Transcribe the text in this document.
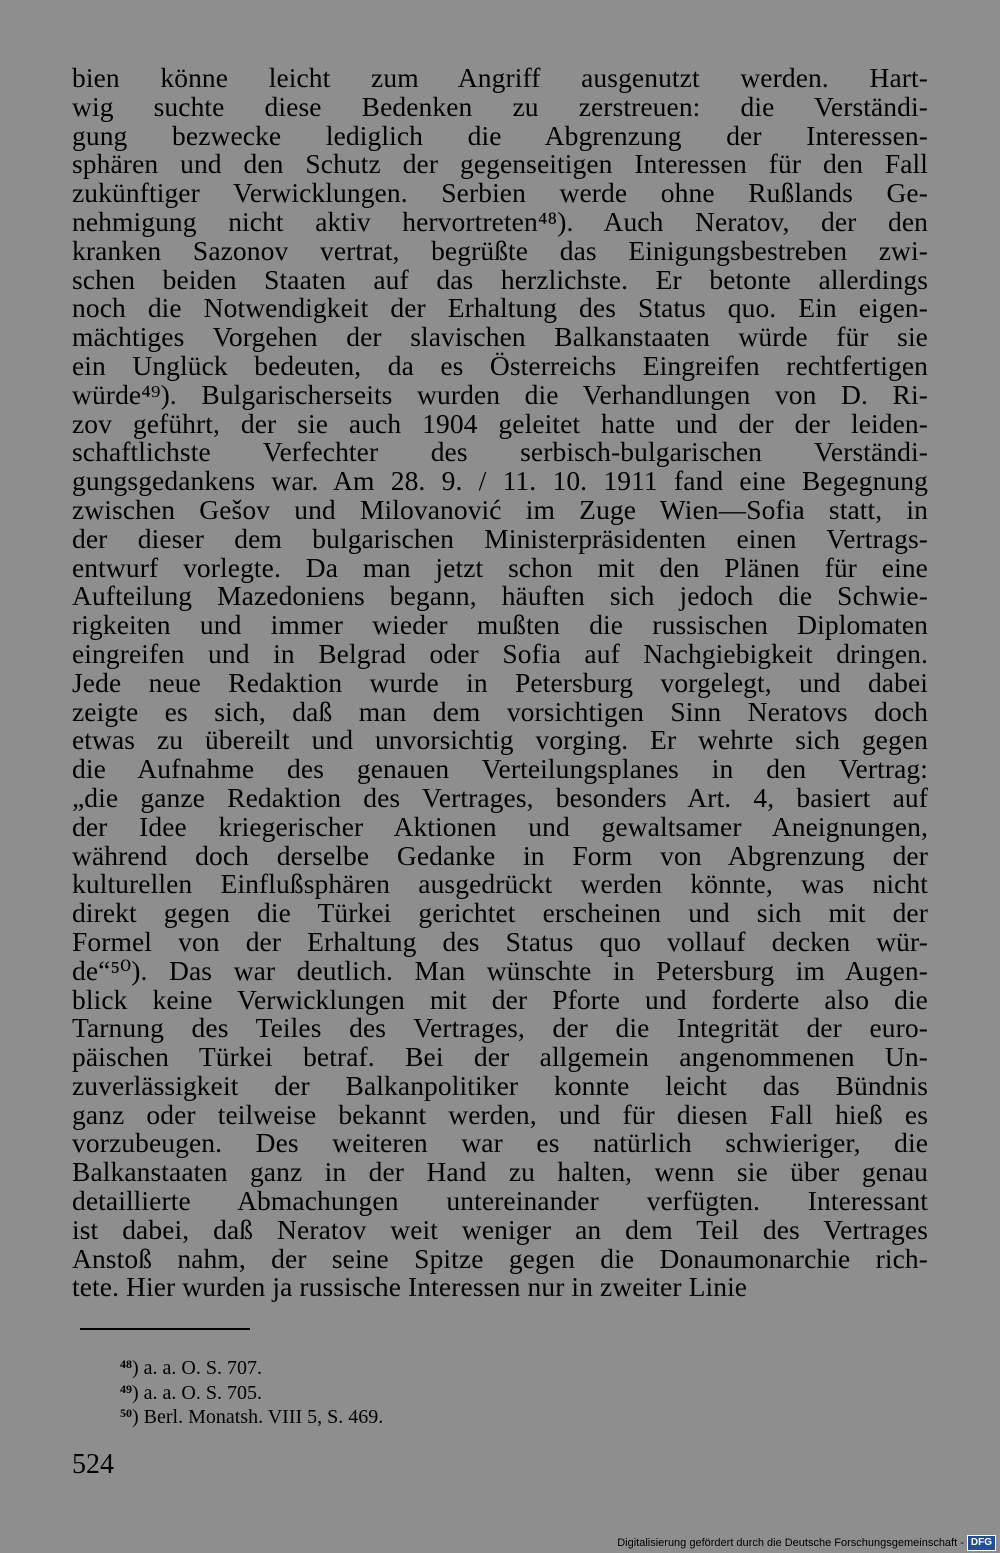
bien könne leicht zum Angriff ausgenutzt werden. Hart-
wig suchte diese Bedenken zu zerstreuen: die Verständi-
gung bezwecke lediglich die Abgrenzung der Interessen-
sphären und den Schutz der gegenseitigen Interessen für den Fall
zukünftiger Verwicklungen. Serbien werde ohne Rußlands Ge-
nehmigung nicht aktiv hervortreten⁴⁸). Auch Neratov, der den
kranken Sazonov vertrat, begrüßte das Einigungsbestreben zwi-
schen beiden Staaten auf das herzlichste. Er betonte allerdings
noch die Notwendigkeit der Erhaltung des Status quo. Ein eigen-
mächtiges Vorgehen der slavischen Balkanstaaten würde für sie
ein Unglück bedeuten, da es Österreichs Eingreifen rechtfertigen
würde⁴⁹). Bulgarischerseits wurden die Verhandlungen von D. Ri-
zov geführt, der sie auch 1904 geleitet hatte und der der leiden-
schaftlichste Verfechter des serbisch-bulgarischen Verständi-
gungsgedankens war. Am 28. 9. / 11. 10. 1911 fand eine Begegnung
zwischen Gešov und Milovanović im Zuge Wien—Sofia statt, in
der dieser dem bulgarischen Ministerpräsidenten einen Vertrags-
entwurf vorlegte. Da man jetzt schon mit den Plänen für eine
Aufteilung Mazedoniens begann, häuften sich jedoch die Schwie-
rigkeiten und immer wieder mußten die russischen Diplomaten
eingreifen und in Belgrad oder Sofia auf Nachgiebigkeit dringen.
Jede neue Redaktion wurde in Petersburg vorgelegt, und dabei
zeigte es sich, daß man dem vorsichtigen Sinn Neratovs doch
etwas zu übereilt und unvorsichtig vorging. Er wehrte sich gegen
die Aufnahme des genauen Verteilungsplanes in den Vertrag:
„die ganze Redaktion des Vertrages, besonders Art. 4, basiert auf
der Idee kriegerischer Aktionen und gewaltsamer Aneignungen,
während doch derselbe Gedanke in Form von Abgrenzung der
kulturellen Einflußsphären ausgedrückt werden könnte, was nicht
direkt gegen die Türkei gerichtet erscheinen und sich mit der
Formel von der Erhaltung des Status quo vollauf decken wür-
de“⁵⁰). Das war deutlich. Man wünschte in Petersburg im Augen-
blick keine Verwicklungen mit der Pforte und forderte also die
Tarnung des Teiles des Vertrages, der die Integrität der euro-
päischen Türkei betraf. Bei der allgemein angenommenen Un-
zuverlässigkeit der Balkanpolitiker konnte leicht das Bündnis
ganz oder teilweise bekannt werden, und für diesen Fall hieß es
vorzubeugen. Des weiteren war es natürlich schwieriger, die
Balkanstaaten ganz in der Hand zu halten, wenn sie über genau
detaillierte Abmachungen untereinander verfügten. Interessant
ist dabei, daß Neratov weit weniger an dem Teil des Vertrages
Anstoß nahm, der seine Spitze gegen die Donaumonarchie rich-
tete. Hier wurden ja russische Interessen nur in zweiter Linie
$^{48}$) a. a. O. S. 707.
$^{49}$) a. a. O. S. 705.
$^{50}$) Berl. Monatsh. VIII 5, S. 469.
524
Digitalisierung gefördert durch die Deutsche Forschungsgemeinschaft - DFG
